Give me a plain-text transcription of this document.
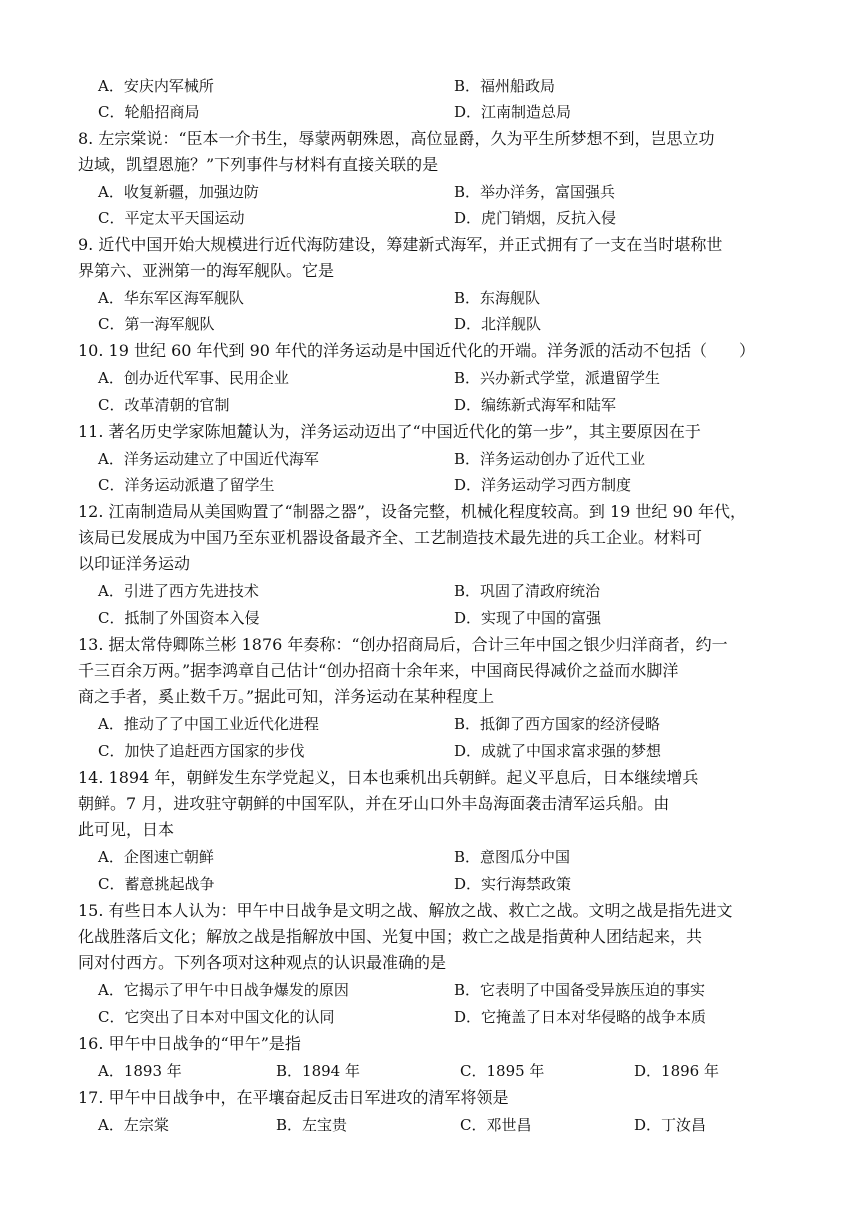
A．安庆内军械所	B．福州船政局
C．轮船招商局	D．江南制造总局
8. 左宗棠说：“臣本一介书生，辱蒙两朝殊恩，高位显爵，久为平生所梦想不到，岂思立功
边域，凯望恩施？”下列事件与材料有直接关联的是
A．收复新疆，加强边防	B．举办洋务，富国强兵
C．平定太平天国运动	D．虎门销烟，反抗入侵
9. 近代中国开始大规模进行近代海防建设，筹建新式海军，并正式拥有了一支在当时堪称世
界第六、亚洲第一的海军舰队。它是
A．华东军区海军舰队	B．东海舰队
C．第一海军舰队	D．北洋舰队
10. 19 世纪 60 年代到 90 年代的洋务运动是中国近代化的开端。洋务派的活动不包括（　　）
A．创办近代军事、民用企业	B．兴办新式学堂，派遣留学生
C．改革清朝的官制	D．编练新式海军和陆军
11. 著名历史学家陈旭麓认为，洋务运动迈出了“中国近代化的第一步”，其主要原因在于
A．洋务运动建立了中国近代海军	B．洋务运动创办了近代工业
C．洋务运动派遣了留学生	D．洋务运动学习西方制度
12. 江南制造局从美国购置了“制器之器”，设备完整，机械化程度较高。到 19 世纪 90 年代，
该局已发展成为中国乃至东亚机器设备最齐全、工艺制造技术最先进的兵工企业。材料可
以印证洋务运动
A．引进了西方先进技术	B．巩固了清政府统治
C．抵制了外国资本入侵	D．实现了中国的富强
13. 据太常侍卿陈兰彬 1876 年奏称：“创办招商局后，合计三年中国之银少归洋商者，约一
千三百余万两。”据李鸿章自己估计“创办招商十余年来，中国商民得减价之益而水脚洋
商之手者，奚止数千万。”据此可知，洋务运动在某种程度上
A．推动了了中国工业近代化进程	B．抵御了西方国家的经济侵略
C．加快了追赶西方国家的步伐	D．成就了中国求富求强的梦想
14. 1894 年，朝鲜发生东学党起义，日本也乘机出兵朝鲜。起义平息后，日本继续增兵
朝鲜。7 月，进攻驻守朝鲜的中国军队，并在牙山口外丰岛海面袭击清军运兵船。由
此可见，日本
A．企图速亡朝鲜	B．意图瓜分中国
C．蓄意挑起战争	D．实行海禁政策
15. 有些日本人认为：甲午中日战争是文明之战、解放之战、救亡之战。文明之战是指先进文
化战胜落后文化；解放之战是指解放中国、光复中国；救亡之战是指黄种人团结起来，共
同对付西方。下列各项对这种观点的认识最准确的是
A．它揭示了甲午中日战争爆发的原因	B．它表明了中国备受异族压迫的事实
C．它突出了日本对中国文化的认同	D．它掩盖了日本对华侵略的战争本质
16. 甲午中日战争的“甲午”是指
A．1893 年	B．1894 年	C．1895 年	D．1896 年
17. 甲午中日战争中，在平壤奋起反击日军进攻的清军将领是
A．左宗棠	B．左宝贵	C．邓世昌	D．丁汝昌
